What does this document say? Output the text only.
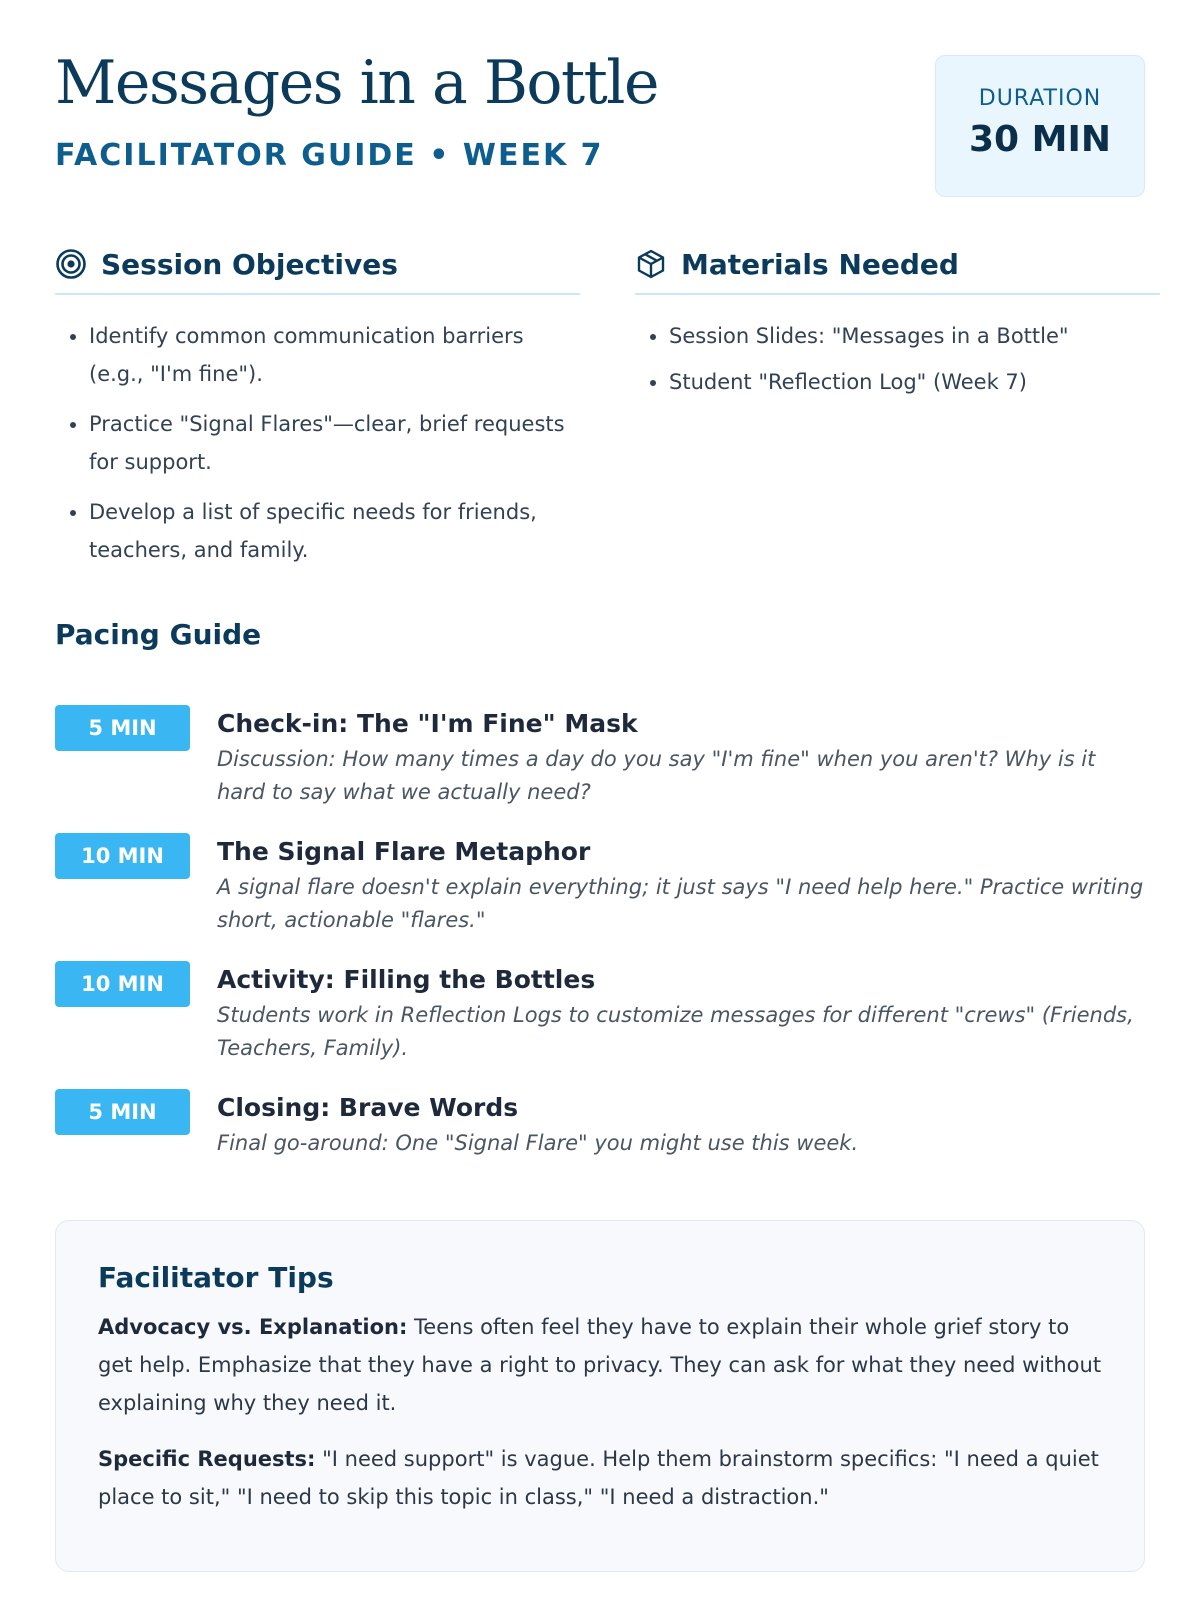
Messages in a Bottle
FACILITATOR GUIDE • WEEK 7
DURATION
30 MIN
Session Objectives
• Identify common communication barriers (e.g., "I'm fine").
• Practice "Signal Flares"—clear, brief requests for support.
• Develop a list of specific needs for friends, teachers, and family.
Materials Needed
• Session Slides: "Messages in a Bottle"
• Student "Reflection Log" (Week 7)
Pacing Guide
5 MIN	Check-in: The "I'm Fine" Mask
Discussion: How many times a day do you say "I'm fine" when you aren't? Why is it hard to say what we actually need?
10 MIN	The Signal Flare Metaphor
A signal flare doesn't explain everything; it just says "I need help here." Practice writing short, actionable "flares."
10 MIN	Activity: Filling the Bottles
Students work in Reflection Logs to customize messages for different "crews" (Friends, Teachers, Family).
5 MIN	Closing: Brave Words
Final go-around: One "Signal Flare" you might use this week.
Facilitator Tips

Advocacy vs. Explanation: Teens often feel they have to explain their whole grief story to get help. Emphasize that they have a right to privacy. They can ask for what they need without explaining why they need it.

Specific Requests: "I need support" is vague. Help them brainstorm specifics: "I need a quiet place to sit," "I need to skip this topic in class," "I need a distraction."
